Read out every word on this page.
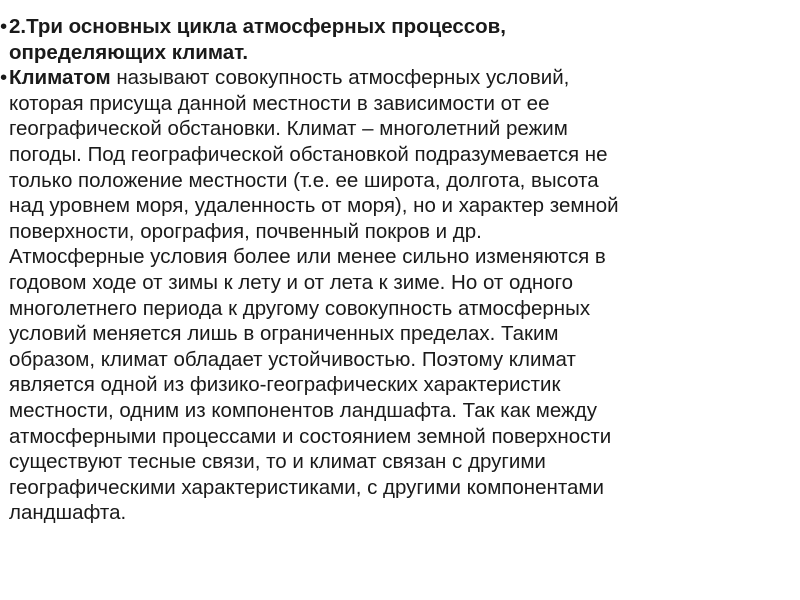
• 2.Три основных цикла атмосферных процессов,
определяющих климат.
• Климатом называют совокупность атмосферных условий,
которая присуща данной местности в зависимости от ее
географической обстановки. Климат – многолетний режим
погоды. Под географической обстановкой подразумевается не
только положение местности (т.е. ее широта, долгота, высота
над уровнем моря, удаленность от моря), но и характер земной
поверхности, орография, почвенный покров и др.
Атмосферные условия более или менее сильно изменяются в
годовом ходе от зимы к лету и от лета к зиме. Но от одного
многолетнего периода к другому совокупность атмосферных
условий меняется лишь в ограниченных пределах. Таким
образом, климат обладает устойчивостью. Поэтому климат
является одной из физико-географических характеристик
местности, одним из компонентов ландшафта. Так как между
атмосферными процессами и состоянием земной поверхности
существуют тесные связи, то и климат связан с другими
географическими характеристиками, с другими компонентами
ландшафта.
